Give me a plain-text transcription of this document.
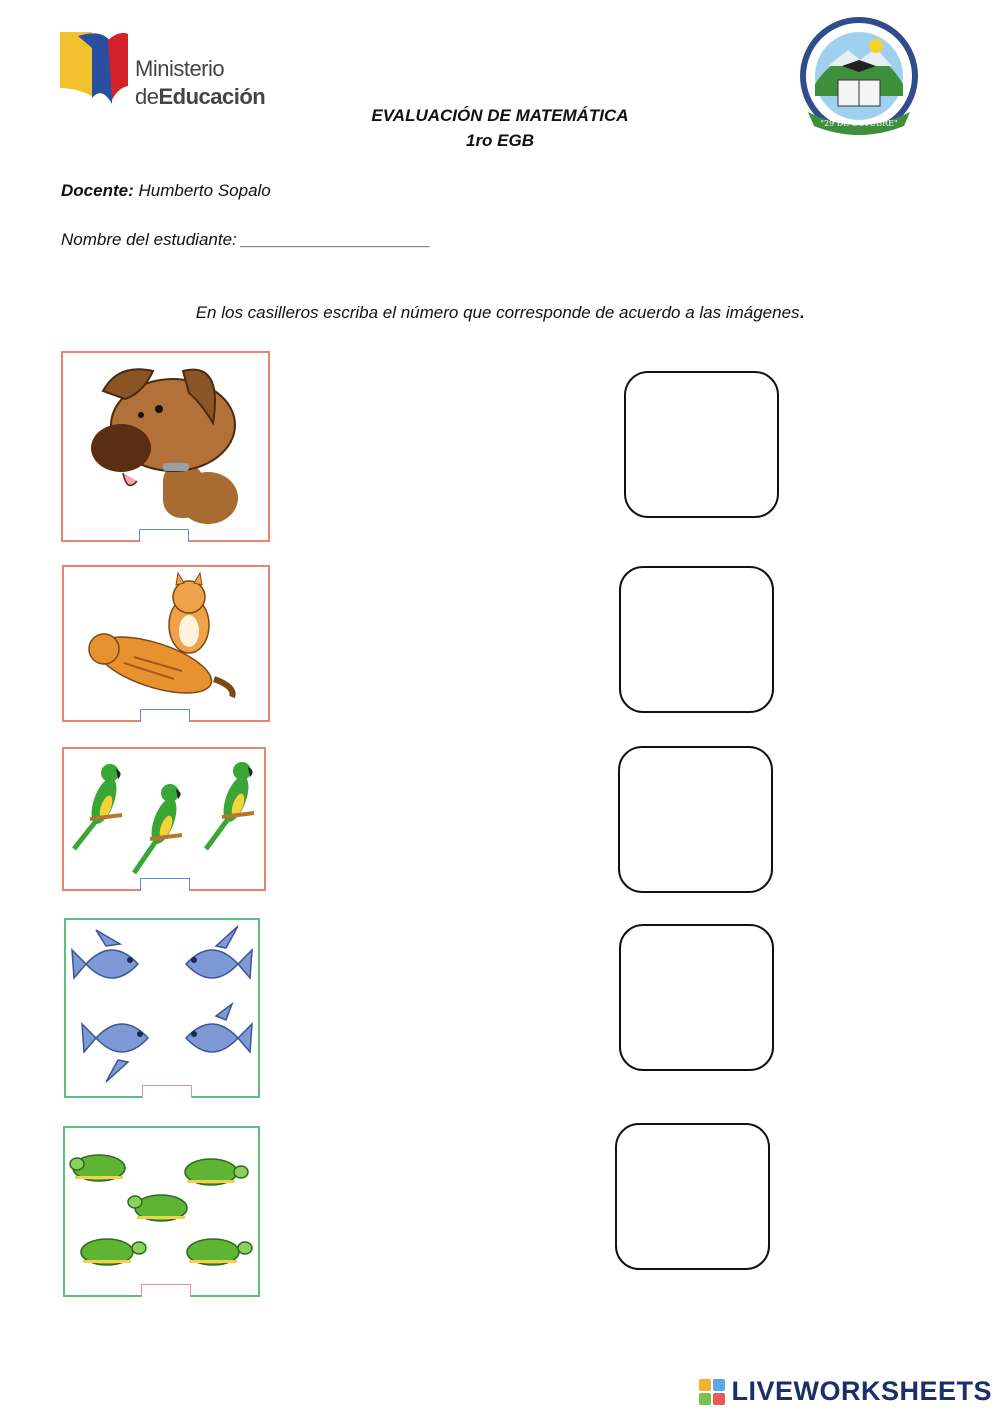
Ministerio
deEducación
"29 DE OCTUBRE"
EVALUACIÓN DE MATEMÁTICA
1ro EGB
Docente: Humberto Sopalo
Nombre del estudiante: ____________________
En los casilleros escriba el número que corresponde de acuerdo a las imágenes.
LIVEWORKSHEETS
